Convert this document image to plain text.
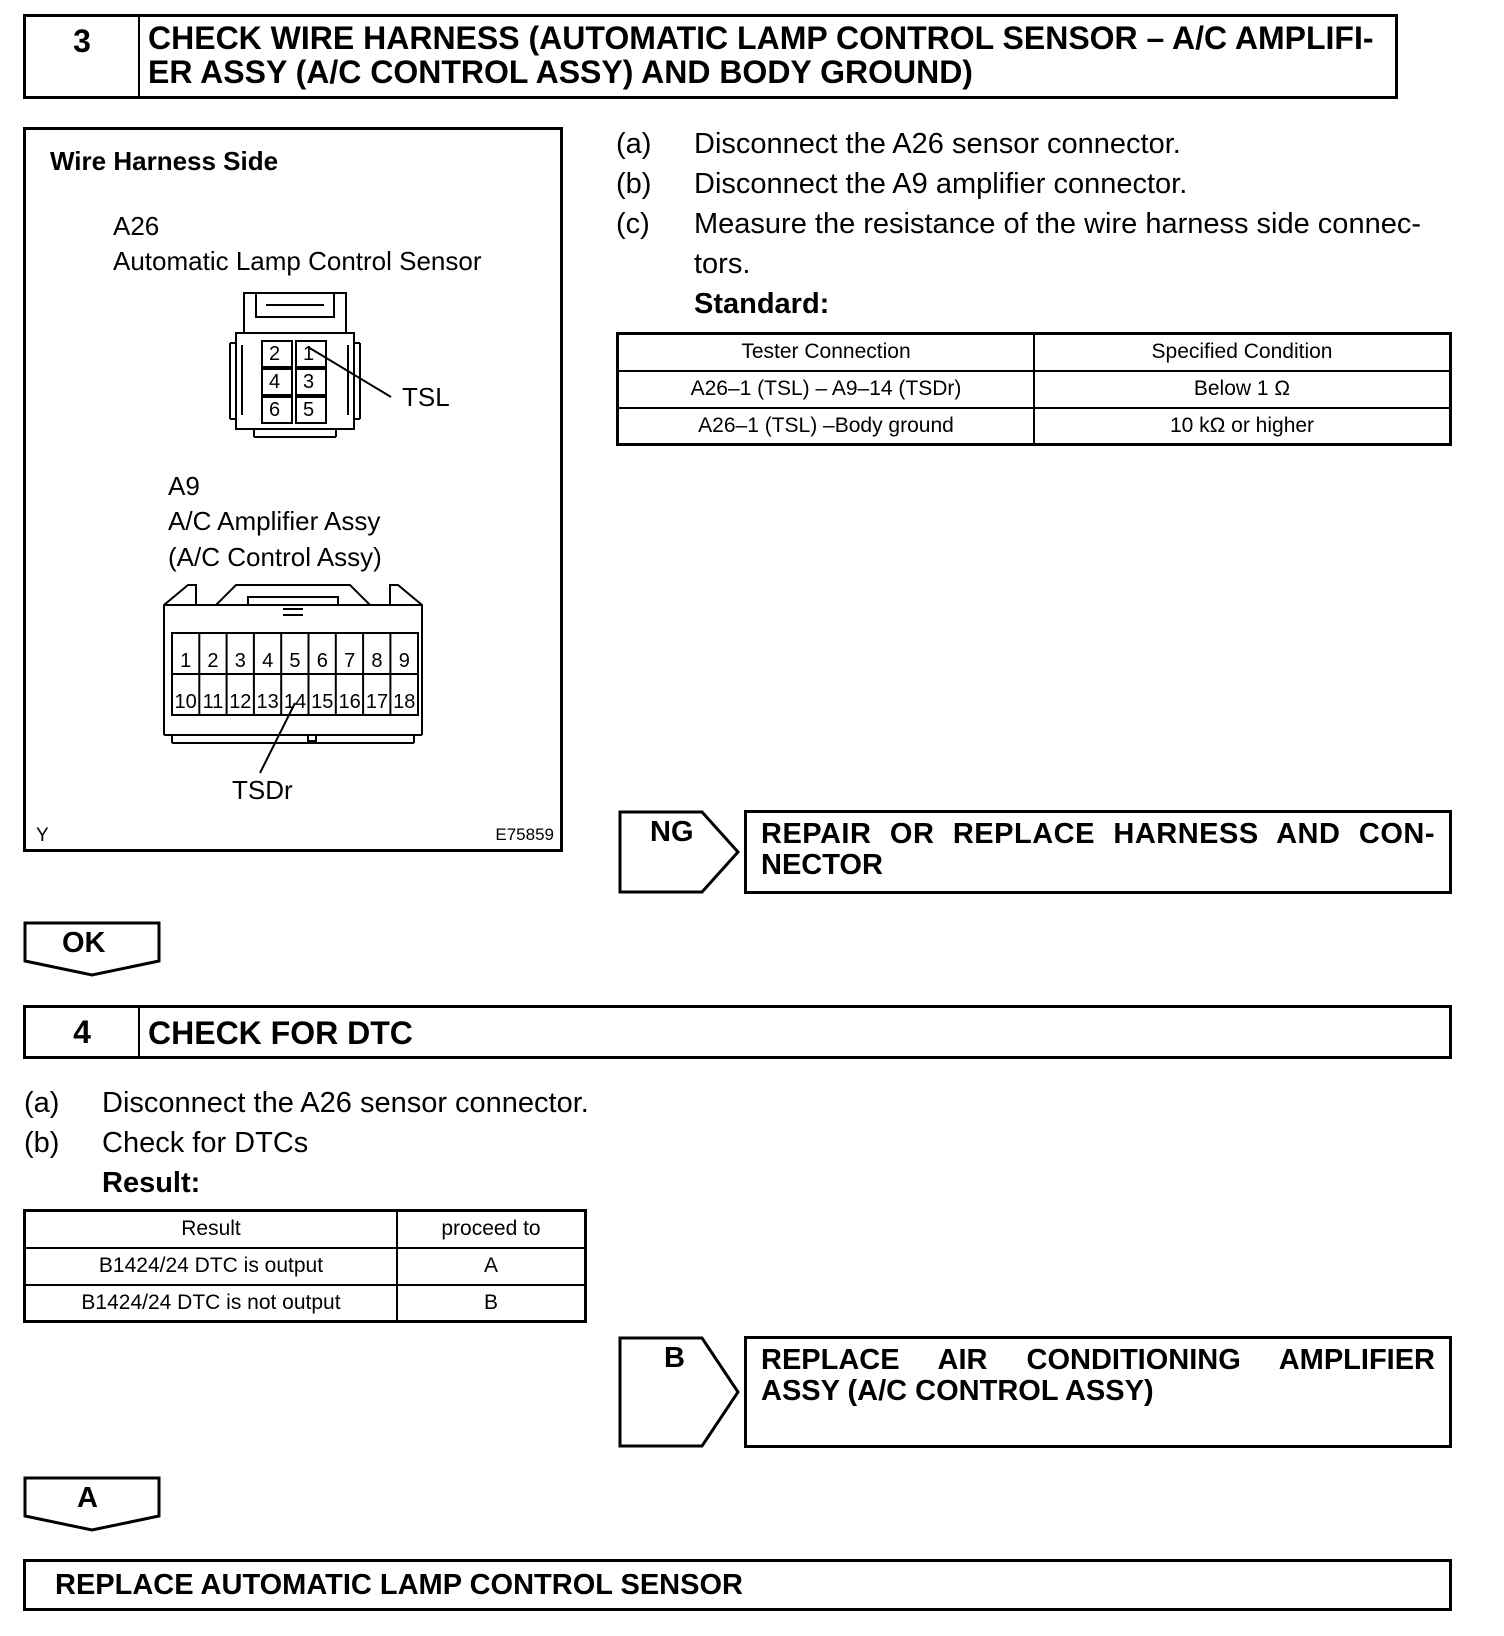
3	CHECK WIRE HARNESS (AUTOMATIC LAMP CONTROL SENSOR – A/C AMPLIFI-
ER ASSY (A/C CONTROL ASSY) AND BODY GROUND)
Wire Harness Side
A26
Automatic Lamp Control Sensor
2 1
4 3
6 5	TSL
A9
A/C Amplifier Assy
(A/C Control Assy)
1 2 3 4 5 6 7 8 9
10 11 12 13 14 15 16 17 18
TSDr
Y	E75859
(a) Disconnect the A26 sensor connector.
(b) Disconnect the A9 amplifier connector.
(c) Measure the resistance of the wire harness side connec-
tors.
Standard:
Tester Connection	Specified Condition
A26–1 (TSL) – A9–14 (TSDr)	Below 1 Ω
A26–1 (TSL) –Body ground	10 kΩ or higher
NG REPAIR OR REPLACE HARNESS AND CON-
NECTOR
OK
4	CHECK FOR DTC
(a) Disconnect the A26 sensor connector.
(b) Check for DTCs
Result:
Result	proceed to
B1424/24 DTC is output	A
B1424/24 DTC is not output	B
B	REPLACE AIR CONDITIONING AMPLIFIER
ASSY (A/C CONTROL ASSY)
A
REPLACE AUTOMATIC LAMP CONTROL SENSOR
